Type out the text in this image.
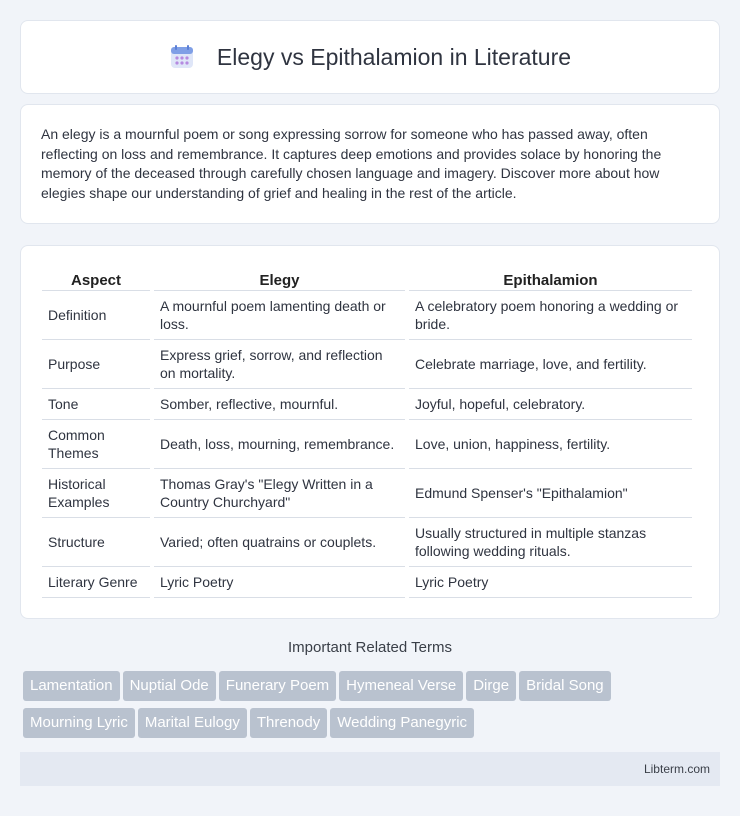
Elegy vs Epithalamion in Literature

An elegy is a mournful poem or song expressing sorrow for someone who has passed away, often reflecting on loss and remembrance. It captures deep emotions and provides solace by honoring the memory of the deceased through carefully chosen language and imagery. Discover more about how elegies shape our understanding of grief and healing in the rest of the article.

Aspect	Elegy	Epithalamion
Definition	A mournful poem lamenting death or loss.	A celebratory poem honoring a wedding or bride.
Purpose	Express grief, sorrow, and reflection on mortality.	Celebrate marriage, love, and fertility.
Tone	Somber, reflective, mournful.	Joyful, hopeful, celebratory.
Common Themes	Death, loss, mourning, remembrance.	Love, union, happiness, fertility.
Historical Examples	Thomas Gray's "Elegy Written in a Country Churchyard"	Edmund Spenser's "Epithalamion"
Structure	Varied; often quatrains or couplets.	Usually structured in multiple stanzas following wedding rituals.
Literary Genre	Lyric Poetry	Lyric Poetry
Important Related Terms
Lamentation Nuptial Ode Funerary Poem Hymeneal Verse Dirge Bridal Song
Mourning Lyric Marital Eulogy Threnody Wedding Panegyric
Libterm.com
